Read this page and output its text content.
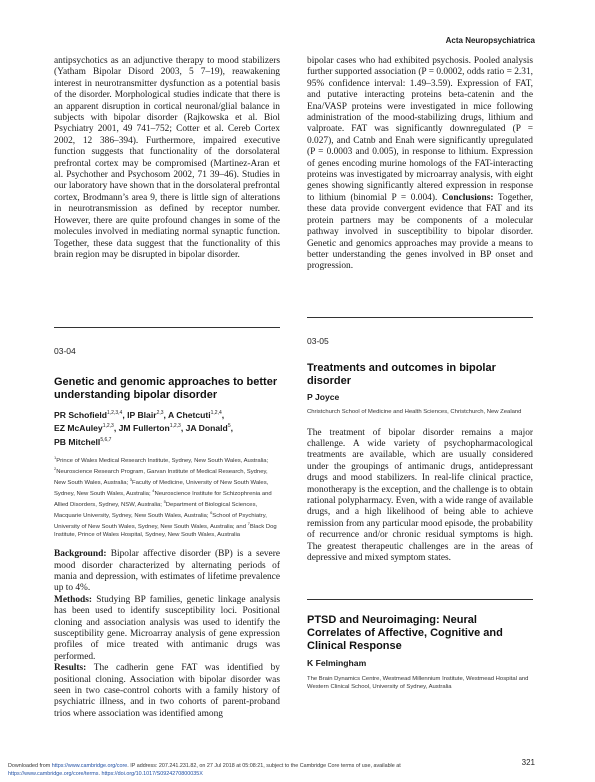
Acta Neuropsychiatrica

antipsychotics as an adjunctive therapy to mood stabilizers (Yatham Bipolar Disord 2003, 5 7–19), reawakening interest in neurotransmitter dysfunction as a potential basis of the disorder. Morphological studies indicate that there is an apparent disruption in cortical neuronal/glial balance in subjects with bipolar disorder (Rajkowska et al. Biol Psychiatry 2001, 49 741–752; Cotter et al. Cereb Cortex 2002, 12 386–394). Furthermore, impaired executive function suggests that functionality of the dorsolateral prefrontal cortex may be compromised (Martinez-Aran et al. Psychother and Psychosom 2002, 71 39–46). Studies in our laboratory have shown that in the dorsolateral prefrontal cortex, Brodmann’s area 9, there is little sign of alterations in neurotransmission as defined by receptor number. However, there are quite profound changes in some of the molecules involved in mediating normal synaptic function. Together, these data suggest that the functionality of this brain region may be disrupted in bipolar disorder.

03-04

Genetic and genomic approaches to better understanding bipolar disorder

PR Schofield$^{1,2,3,4}$, IP Blair$^{2,3}$, A Chetcuti$^{1,2,4}$,
EZ McAuley$^{1,2,3}$, JM Fullerton$^{1,2,3}$, JA Donald$^5$,
PB Mitchell$^{5,6,7}$

$^1$Prince of Wales Medical Research Institute, Sydney, New South Wales, Australia; $^2$Neuroscience Research Program, Garvan Institute of Medical Research, Sydney, New South Wales, Australia; $^3$Faculty of Medicine, University of New South Wales, Sydney, New South Wales, Australia; $^4$Neuroscience Institute for Schizophrenia and Allied Disorders, Sydney, NSW, Australia; $^5$Department of Biological Sciences, Macquarie University, Sydney, New South Wales, Australia; $^6$School of Psychiatry, University of New South Wales, Sydney, New South Wales, Australia; and $^7$Black Dog Institute, Prince of Wales Hospital, Sydney, New South Wales, Australia

Background: Bipolar affective disorder (BP) is a severe mood disorder characterized by alternating periods of mania and depression, with estimates of lifetime prevalence up to 4%.

Methods: Studying BP families, genetic linkage analysis has been used to identify susceptibility loci. Positional cloning and association analysis was used to identify the susceptibility gene. Microarray analysis of gene expression profiles of mice treated with antimanic drugs was performed.

Results: The cadherin gene FAT was identified by positional cloning. Association with bipolar disorder was seen in two case-control cohorts with a family history of psychiatric illness, and in two cohorts of parent-proband trios where association was identified among

bipolar cases who had exhibited psychosis. Pooled analysis further supported association (P = 0.0002, odds ratio = 2.31, 95% confidence interval: 1.49–3.59). Expression of FAT, and putative interacting proteins beta-catenin and the Ena/VASP proteins were investigated in mice following administration of the mood-stabilizing drugs, lithium and valproate. FAT was significantly downregulated (P = 0.027), and Catnb and Enah were significantly upregulated (P = 0.0003 and 0.005), in response to lithium. Expression of genes encoding murine homologs of the FAT-interacting proteins was investigated by microarray analysis, with eight genes showing significantly altered expression in response to lithium (binomial P = 0.004). Conclusions: Together, these data provide convergent evidence that FAT and its protein partners may be components of a molecular pathway involved in susceptibility to bipolar disorder. Genetic and genomics approaches may provide a means to better understanding the genes involved in BP onset and progression.

03-05

Treatments and outcomes in bipolar disorder

P Joyce

Christchurch School of Medicine and Health Sciences, Christchurch, New Zealand

The treatment of bipolar disorder remains a major challenge. A wide variety of psychopharmacological treatments are available, which are usually considered under the groupings of antimanic drugs, antidepressant drugs and mood stabilizers. In real-life clinical practice, monotherapy is the exception, and the challenge is to obtain rational polypharmacy. Even, with a wide range of available drugs, and a high likelihood of being able to achieve remission from any particular mood episode, the probability of recurrence and/or chronic residual symptoms is high. The greatest therapeutic challenges are in the areas of depressive and mixed symptom states.

PTSD and Neuroimaging: Neural Correlates of Affective, Cognitive and Clinical Response

K Felmingham

The Brain Dynamics Centre, Westmead Millennium Institute, Westmead Hospital and Western Clinical School, University of Sydney, Australia

321
Downloaded from https://www.cambridge.org/core. IP address: 207.241.231.82, on 27 Jul 2018 at 05:08:21, subject to the Cambridge Core terms of use, available at
https://www.cambridge.org/core/terms. https://doi.org/10.1017/S0924270800035X
